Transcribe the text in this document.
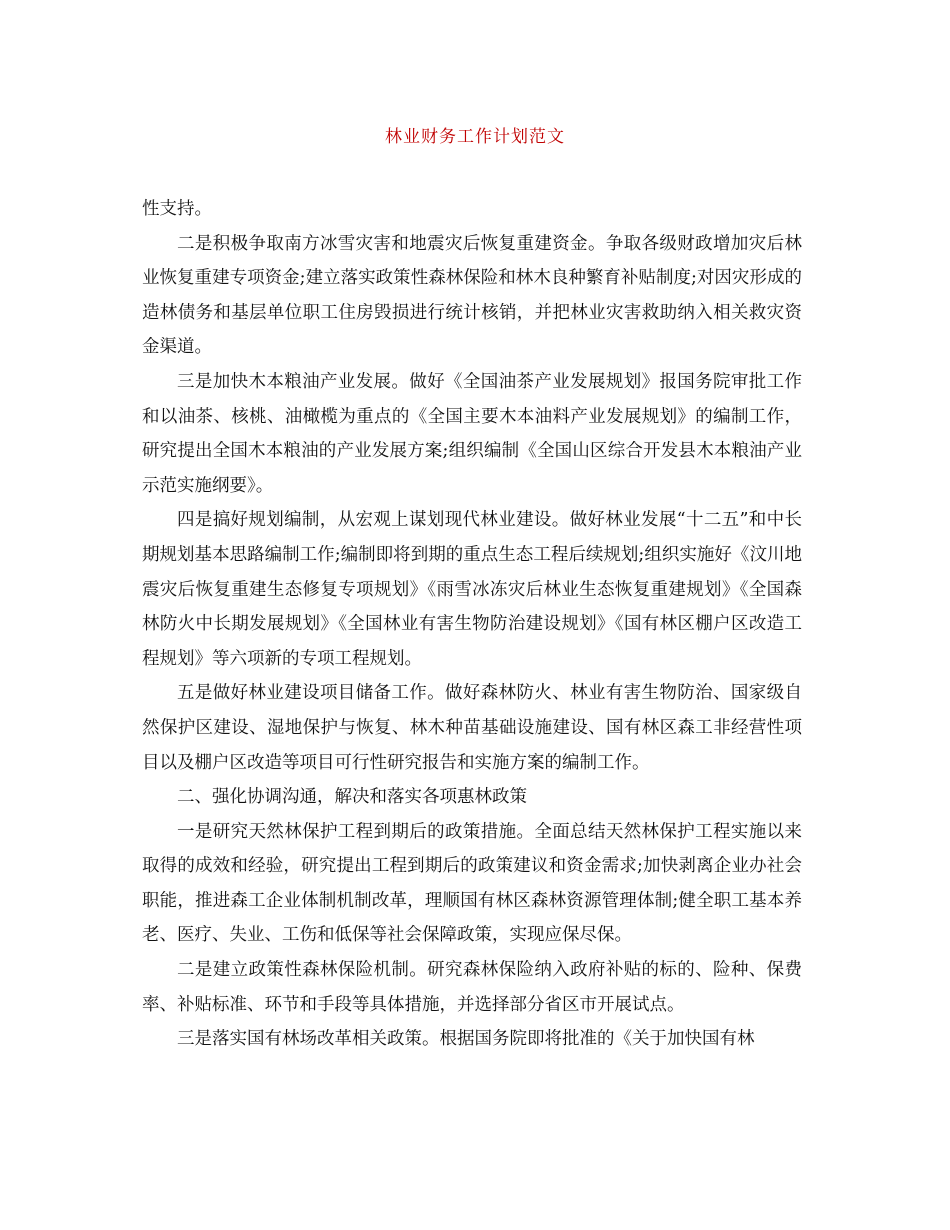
林业财务工作计划范文

性支持。

二是积极争取南方冰雪灾害和地震灾后恢复重建资金。争取各级财政增加灾后林业恢复重建专项资金;建立落实政策性森林保险和林木良种繁育补贴制度;对因灾形成的造林债务和基层单位职工住房毁损进行统计核销，并把林业灾害救助纳入相关救灾资金渠道。

三是加快木本粮油产业发展。做好《全国油茶产业发展规划》报国务院审批工作和以油茶、核桃、油橄榄为重点的《全国主要木本油料产业发展规划》的编制工作，研究提出全国木本粮油的产业发展方案;组织编制《全国山区综合开发县木本粮油产业示范实施纲要》。

四是搞好规划编制，从宏观上谋划现代林业建设。做好林业发展“十二五”和中长期规划基本思路编制工作;编制即将到期的重点生态工程后续规划;组织实施好《汶川地震灾后恢复重建生态修复专项规划》《雨雪冰冻灾后林业生态恢复重建规划》《全国森林防火中长期发展规划》《全国林业有害生物防治建设规划》《国有林区棚户区改造工程规划》等六项新的专项工程规划。

五是做好林业建设项目储备工作。做好森林防火、林业有害生物防治、国家级自然保护区建设、湿地保护与恢复、林木种苗基础设施建设、国有林区森工非经营性项目以及棚户区改造等项目可行性研究报告和实施方案的编制工作。

二、强化协调沟通，解决和落实各项惠林政策

一是研究天然林保护工程到期后的政策措施。全面总结天然林保护工程实施以来取得的成效和经验，研究提出工程到期后的政策建议和资金需求;加快剥离企业办社会职能，推进森工企业体制机制改革，理顺国有林区森林资源管理体制;健全职工基本养老、医疗、失业、工伤和低保等社会保障政策，实现应保尽保。

二是建立政策性森林保险机制。研究森林保险纳入政府补贴的标的、险种、保费率、补贴标准、环节和手段等具体措施，并选择部分省区市开展试点。

三是落实国有林场改革相关政策。根据国务院即将批准的《关于加快国有林
